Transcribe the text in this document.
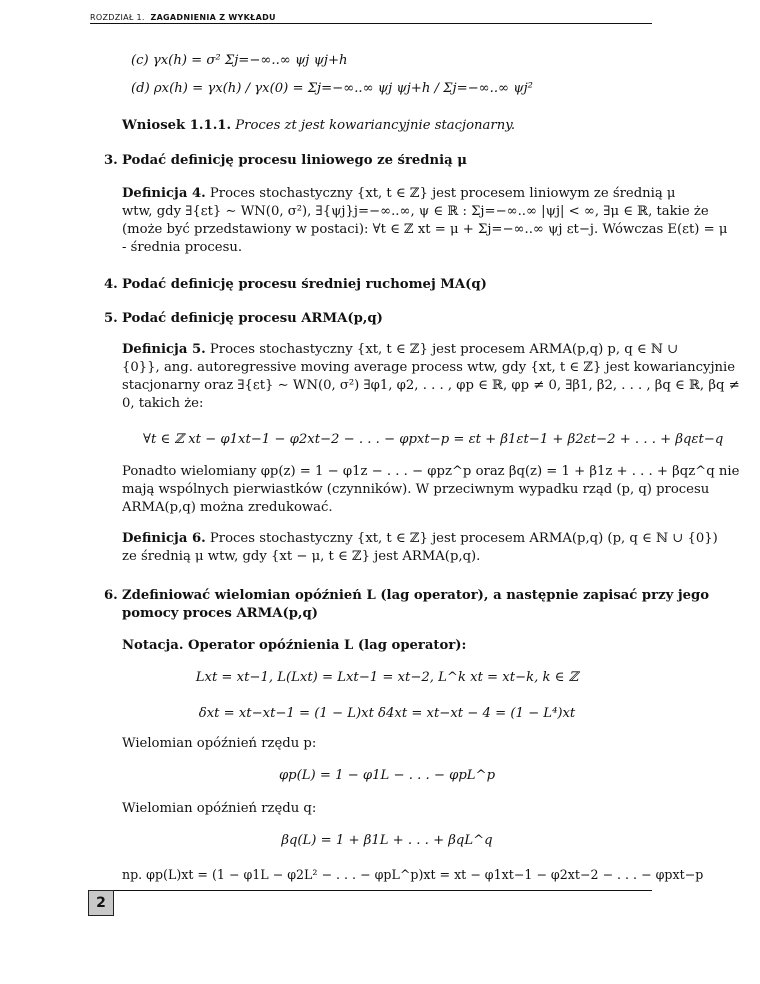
ROZDZIAŁ 1. ZAGADNIENIA Z WYKŁADU
(c) γx(h) = σ² Σj=−∞..∞ ψj ψj+h
(d) ρx(h) = γx(h) / γx(0) = Σj=−∞..∞ ψj ψj+h / Σj=−∞..∞ ψj²
Wniosek 1.1.1. Proces zt jest kowariancyjnie stacjonarny.
3. Podać definicję procesu liniowego ze średnią μ
Definicja 4. Proces stochastyczny {xt, t ∈ ℤ} jest procesem liniowym ze średnią μ
wtw, gdy ∃{εt} ∼ WN(0, σ²), ∃{ψj}j=−∞..∞, ψ ∈ ℝ : Σj=−∞..∞ |ψj| < ∞, ∃μ ∈ ℝ, takie że
(może być przedstawiony w postaci): ∀t ∈ ℤ xt = μ + Σj=−∞..∞ ψj εt−j. Wówczas E(εt) = μ
- średnia procesu.
4. Podać definicję procesu średniej ruchomej MA(q)
5. Podać definicję procesu ARMA(p,q)
Definicja 5. Proces stochastyczny {xt, t ∈ ℤ} jest procesem ARMA(p,q) p, q ∈ ℕ ∪
{0}}, ang. autoregressive moving average process wtw, gdy {xt, t ∈ ℤ} jest kowariancyjnie
stacjonarny oraz ∃{εt} ∼ WN(0, σ²) ∃φ1, φ2, . . . , φp ∈ ℝ, φp ≠ 0, ∃β1, β2, . . . , βq ∈ ℝ, βq ≠
0, takich że:
∀t ∈ ℤ xt − φ1xt−1 − φ2xt−2 − . . . − φpxt−p = εt + β1εt−1 + β2εt−2 + . . . + βqεt−q
Ponadto wielomiany φp(z) = 1 − φ1z − . . . − φpz^p oraz βq(z) = 1 + β1z + . . . + βqz^q nie
mają wspólnych pierwiastków (czynników). W przeciwnym wypadku rząd (p, q) procesu
ARMA(p,q) można zredukować.
Definicja 6. Proces stochastyczny {xt, t ∈ ℤ} jest procesem ARMA(p,q) (p, q ∈ ℕ ∪ {0})
ze średnią μ wtw, gdy {xt − μ, t ∈ ℤ} jest ARMA(p,q).
6. Zdefiniować wielomian opóźnień L (lag operator), a następnie zapisać przy jego
pomocy proces ARMA(p,q)
Notacja. Operator opóźnienia L (lag operator):
Lxt = xt−1, L(Lxt) = Lxt−1 = xt−2, L^k xt = xt−k, k ∈ ℤ
δxt = xt−xt−1 = (1 − L)xt δ4xt = xt−xt − 4 = (1 − L⁴)xt
Wielomian opóźnień rzędu p:
φp(L) = 1 − φ1L − . . . − φpL^p
Wielomian opóźnień rzędu q:
βq(L) = 1 + β1L + . . . + βqL^q
np. φp(L)xt = (1 − φ1L − φ2L² − . . . − φpL^p)xt = xt − φ1xt−1 − φ2xt−2 − . . . − φpxt−p
2
